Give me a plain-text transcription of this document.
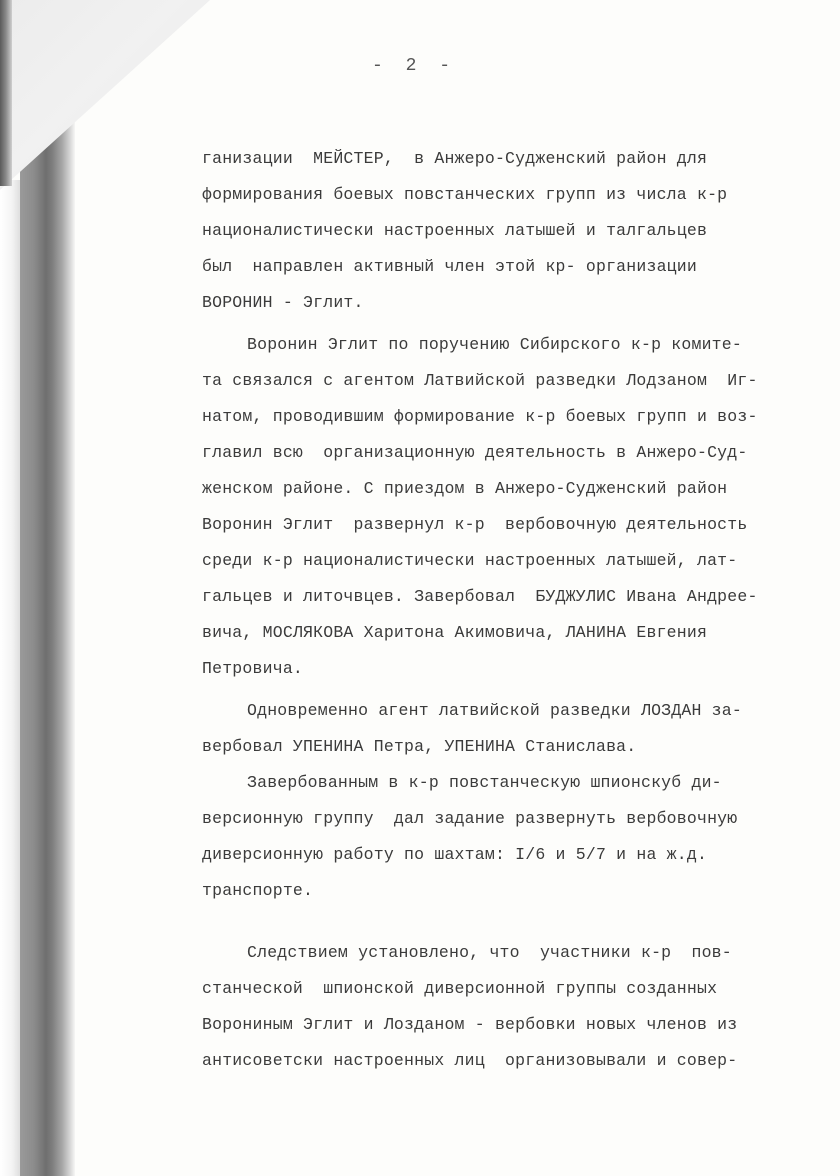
- 2 -
ганизации  МЕЙСТЕР,  в Анжеро-Судженский район для
формирования боевых повстанческих групп из числа к-р
националистически настроенных латышей и талгальцев
был  направлен активный член этой кр- организации
ВОРОНИН - Эглит.
Воронин Эглит по поручению Сибирского к-р комите-
та связался с агентом Латвийской разведки Лодзаном  Иг-
натом, проводившим формирование к-р боевых групп и воз-
главил всю  организационную деятельность в Анжеро-Суд-
женском районе. С приездом в Анжеро-Судженский район
Воронин Эглит  развернул к-р  вербовочную деятельность
среди к-р националистически настроенных латышей, лат-
гальцев и литочвцев. Завербовал  БУДЖУЛИС Ивана Андрее-
вича, МОСЛЯКОВА Харитона Акимовича, ЛАНИНА Евгения
Петровича.
Одновременно агент латвийской разведки ЛОЗДАН за-
вербовал УПЕНИНА Петра, УПЕНИНА Станислава.
Завербованным в к-р повстанческую шпионскуб ди-
версионную группу  дал задание развернуть вербовочную
диверсионную работу по шахтам: I/6 и 5/7 и на ж.д.
транспорте.
Следствием установлено, что  участники к-р  пов-
станческой  шпионской диверсионной группы созданных
Ворониным Эглит и Лозданом - вербовки новых членов из
антисоветски настроенных лиц  организовывали и совер-
